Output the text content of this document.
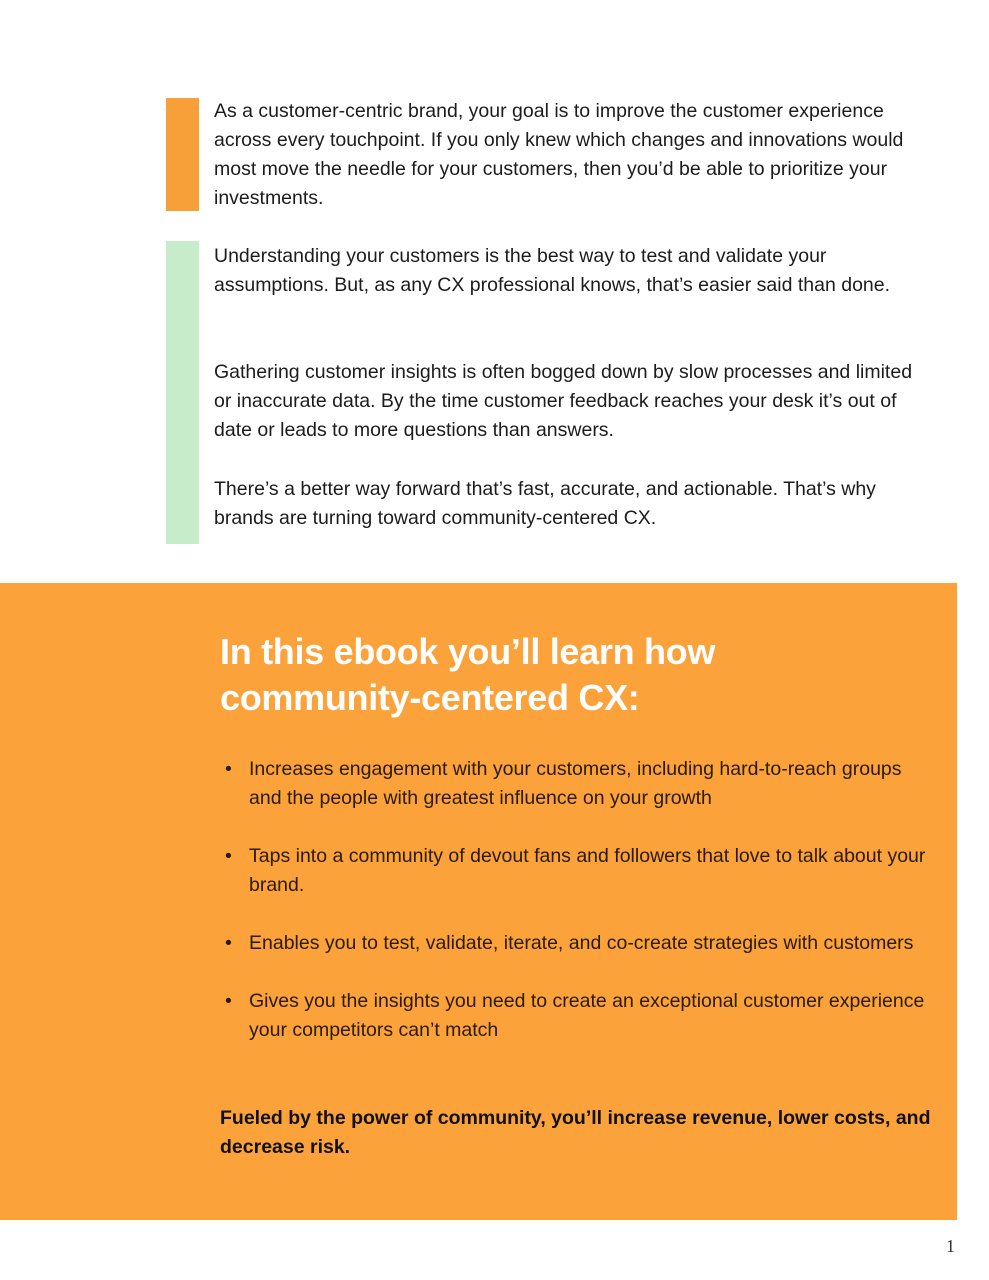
As a customer-centric brand, your goal is to improve the customer experience across every touchpoint. If you only knew which changes and innovations would most move the needle for your customers, then you’d be able to prioritize your investments.

Understanding your customers is the best way to test and validate your assumptions. But, as any CX professional knows, that’s easier said than done.

Gathering customer insights is often bogged down by slow processes and limited or inaccurate data. By the time customer feedback reaches your desk it’s out of date or leads to more questions than answers.

There’s a better way forward that’s fast, accurate, and actionable. That’s why brands are turning toward community-centered CX.

In this ebook you’ll learn how community-centered CX:
• Increases engagement with your customers, including hard-to-reach groups and the people with greatest influence on your growth
• Taps into a community of devout fans and followers that love to talk about your brand.
• Enables you to test, validate, iterate, and co-create strategies with customers
• Gives you the insights you need to create an exceptional customer experience your competitors can’t match

Fueled by the power of community, you’ll increase revenue, lower costs, and decrease risk.

1
